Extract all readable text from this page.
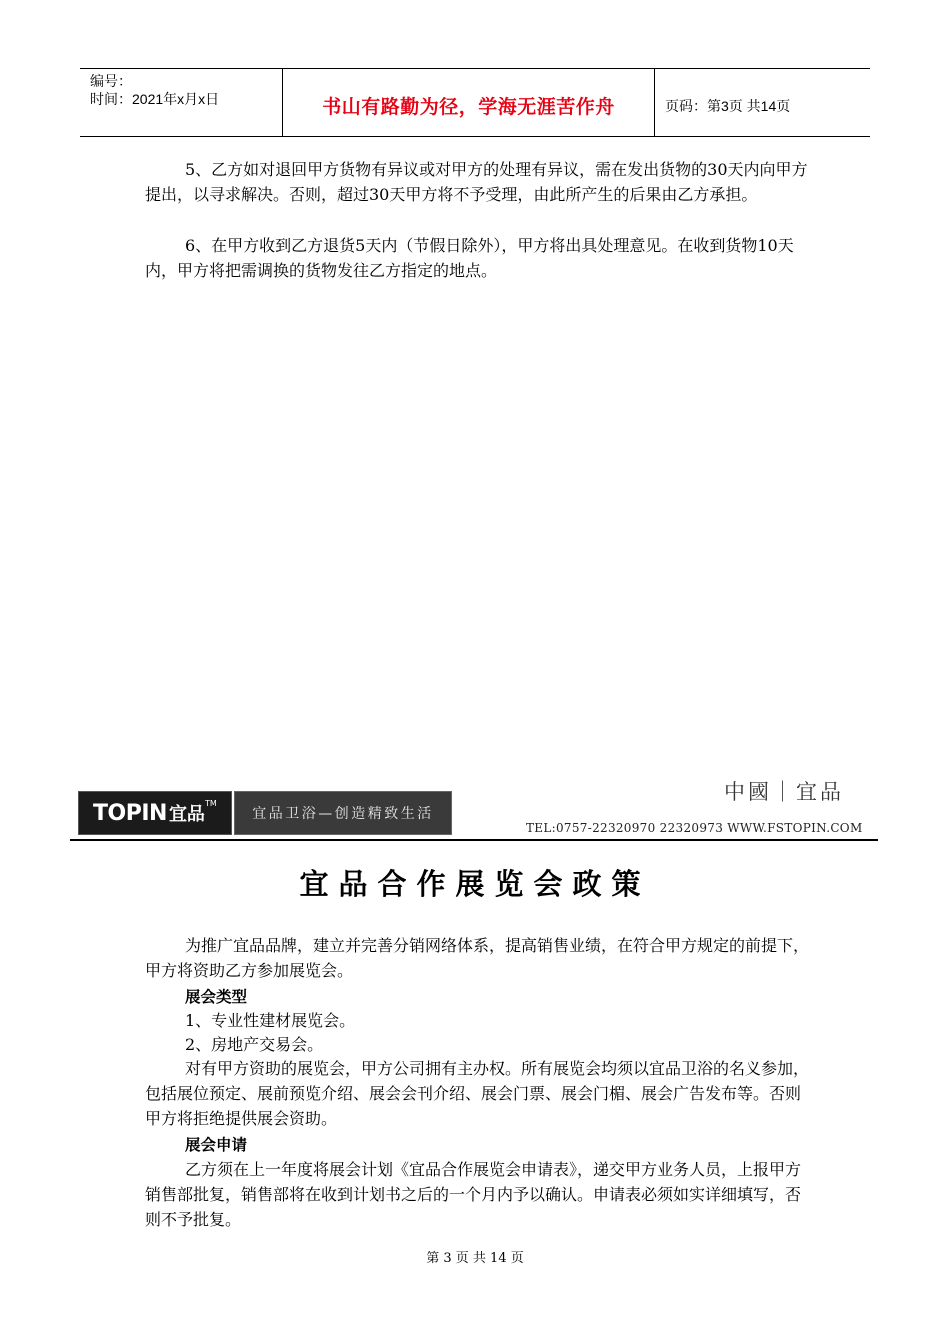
编号：
时间：2021年x月x日	书山有路勤为径，学海无涯苦作舟	页码：第3页 共14页
5、乙方如对退回甲方货物有异议或对甲方的处理有异议，需在发出货物的30天内向甲方提出，以寻求解决。否则，超过30天甲方将不予受理，由此所产生的后果由乙方承担。
6、在甲方收到乙方退货5天内（节假日除外），甲方将出具处理意见。在收到货物10天内，甲方将把需调换的货物发往乙方指定的地点。
TOPIN 宜品
TM
宜品卫浴—创造精致生活
中國｜宜品
TEL:0757-22320970 22320973 WWW.FSTOPIN.COM
宜品合作展览会政策
为推广宜品品牌，建立并完善分销网络体系，提高销售业绩，在符合甲方规定的前提下，甲方将资助乙方参加展览会。
展会类型
1、专业性建材展览会。
2、房地产交易会。
对有甲方资助的展览会，甲方公司拥有主办权。所有展览会均须以宜品卫浴的名义参加，包括展位预定、展前预览介绍、展会会刊介绍、展会门票、展会门楣、展会广告发布等。否则甲方将拒绝提供展会资助。
展会申请
乙方须在上一年度将展会计划《宜品合作展览会申请表》，递交甲方业务人员，上报甲方销售部批复，销售部将在收到计划书之后的一个月内予以确认。申请表必须如实详细填写，否则不予批复。
第 3 页 共 14 页
